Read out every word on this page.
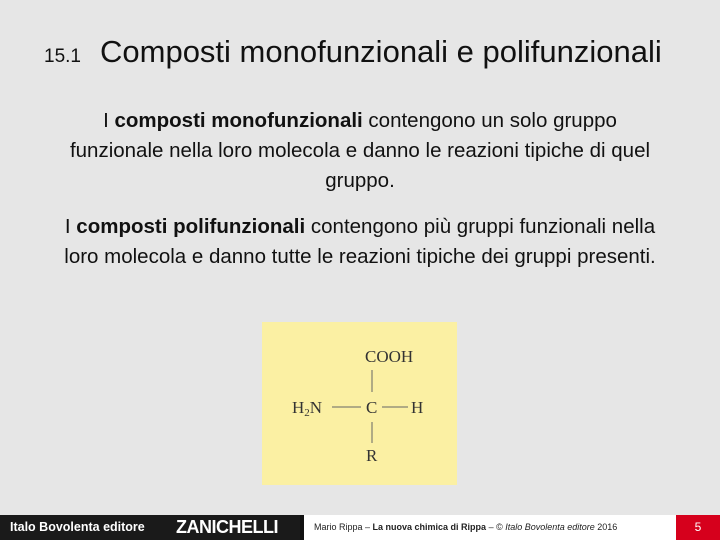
15.1 Composti monofunzionali e polifunzionali
I composti monofunzionali contengono un solo gruppo funzionale nella loro molecola e danno le reazioni tipiche di quel gruppo.
I composti polifunzionali contengono più gruppi funzionali nella loro molecola e danno tutte le reazioni tipiche dei gruppi presenti.
COOH
H2N	C H
R
Italo Bovolenta editore ZANICHELLI	Mario Rippa – La nuova chimica di Rippa – © Italo Bovolenta editore 2016	5
